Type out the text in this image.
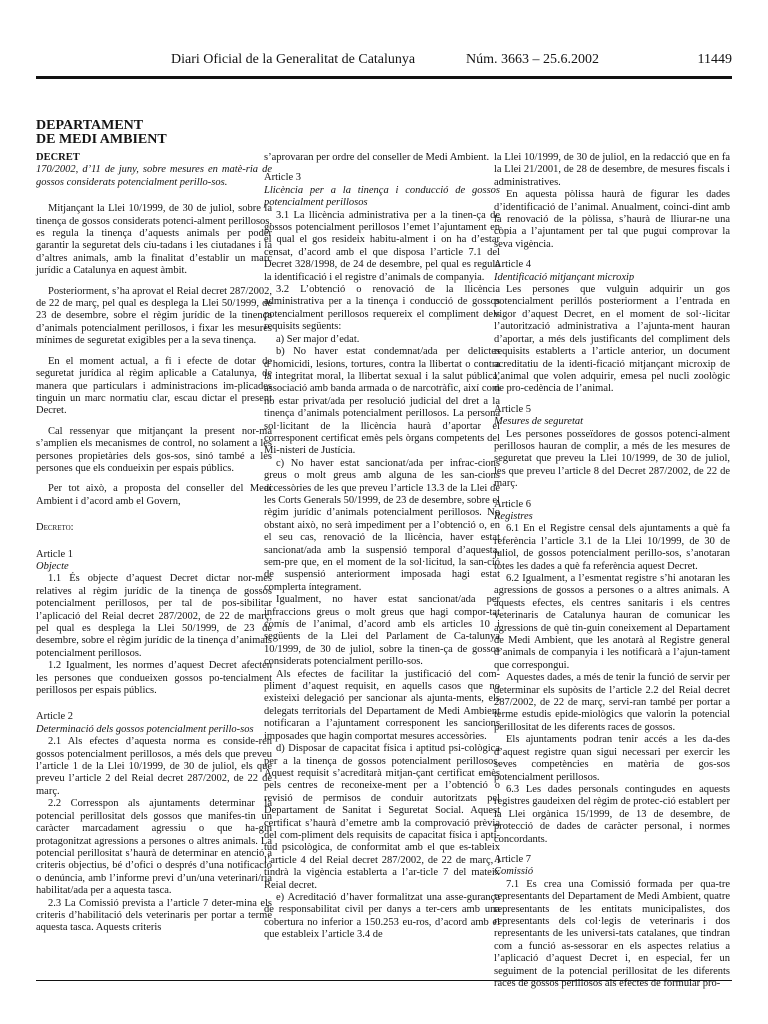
Diari Oficial de la Generalitat de Catalunya	Núm. 3663 – 25.6.2002	11449
DEPARTAMENT
DE MEDI AMBIENT

DECRET

170/2002, d’11 de juny, sobre mesures en matè-ria de gossos considerats potencialment perillo-sos.

Mitjançant la Llei 10/1999, de 30 de juliol, sobre la tinença de gossos considerats potenci-alment perillosos, es regula la tinença d’aquests animals per poder garantir la seguretat dels ciu-tadans i les ciutadanes i la d’altres animals, amb la finalitat d’establir un marc jurídic a Catalunya en aquest àmbit.

Posteriorment, s’ha aprovat el Reial decret 287/2002, de 22 de març, pel qual es desplega la Llei 50/1999, de 23 de desembre, sobre el règim jurídic de la tinença d’animals potencialment perillosos, i fixar les mesures mínimes de seguretat exigibles per a la seva tinença.

En el moment actual, a fi i efecte de dotar de seguretat jurídica al règim aplicable a Catalunya, de manera que particulars i administracions im-plicades tinguin un marc normatiu clar, escau dictar el present Decret.

Cal ressenyar que mitjançant la present nor-ma s’amplien els mecanismes de control, no solament a les persones propietàries dels gos-sos, sinó també a les persones que els condueixin per espais públics.

Per tot això, a proposta del conseller del Medi Ambient i d’acord amb el Govern,

Decreto:

Article 1

Objecte

1.1 És objecte d’aquest Decret dictar nor-mes relatives al règim jurídic de la tinença de gossos potencialment perillosos, per tal de pos-sibilitar l’aplicació del Reial decret 287/2002, de 22 de març, pel qual es desplega la Llei 50/1999, de 23 de desembre, sobre el règim jurídic de la tinença d’animals potencialment perillosos.

1.2 Igualment, les normes d’aquest Decret afecten les persones que condueixen gossos po-tencialment perillosos per espais públics.

Article 2

Determinació dels gossos potencialment perillo-sos

2.1 Als efectes d’aquesta norma es conside-ren gossos potencialment perillosos, a més dels que preveu l’article 1 de la Llei 10/1999, de 30 de juliol, els que preveu l’article 2 del Reial decret 287/2002, de 22 de març.

2.2 Corresspon als ajuntaments determinar la potencial perillositat dels gossos que manifes-tin un caràcter marcadament agressiu o que ha-gin protagonitzat agressions a persones o altres animals. La potencial perillositat s’haurà de determinar en atenció a criteris objectius, bé d’ofici o després d’una notificació o denúncia, amb l’informe previ d’un/una veterinari/ria habilitat/ada per a aquesta tasca.

2.3 La Comissió prevista a l’article 7 deter-mina els criteris d’habilitació dels veterinaris per portar a terme aquesta tasca. Aquests criteris

s’aprovaran per ordre del conseller de Medi Ambient.

Article 3

Llicència per a la tinença i conducció de gossos potencialment perillosos

3.1 La llicència administrativa per a la tinen-ça de gossos potencialment perillosos l’emet l’ajuntament en el qual el gos resideix habitu-alment i on ha d’estar censat, d’acord amb el que disposa l’article 7.1 del Decret 328/1998, de 24 de desembre, pel qual es regula la identificació i el registre d’animals de companyia.

3.2 L’obtenció o renovació de la llicència administrativa per a la tinença i conducció de gossos potencialment perillosos requereix el compliment dels requisits següents:

a) Ser major d’edat.

b) No haver estat condemnat/ada per delictes d’homicidi, lesions, tortures, contra la llibertat o contra la integritat moral, la llibertat sexual i la salut pública, associació amb banda armada o de narcotràfic, així com no estar privat/ada per resolució judicial del dret a la tinença d’animals potencialment perillosos. La persona sol·licitant de la llicència haurà d’aportar el corresponent certificat emès pels òrgans competents del Mi-nisteri de Justícia.

c) No haver estat sancionat/ada per infrac-cions greus o molt greus amb alguna de les san-cions accessòries de les que preveu l’article 13.3 de la Llei de les Corts Generals 50/1999, de 23 de desembre, sobre el règim jurídic d’animals potencialment perillosos. No obstant això, no serà impediment per a l’obtenció o, en el seu cas, renovació de la llicència, haver estat sancionat/ada amb la suspensió temporal d’aquesta, sem-pre que, en el moment de la sol·licitud, la san-ció de suspensió anteriorment imposada hagi estat complerta íntegrament.

Igualment, no haver estat sancionat/ada per infraccions greus o molt greus que hagi compor-tat comís de l’animal, d’acord amb els articles 10 i següents de la Llei del Parlament de Ca-talunya 10/1999, de 30 de juliol, sobre la tinen-ça de gossos considerats potencialment perillo-sos.

Als efectes de facilitar la justificació del com-pliment d’aquest requisit, en aquells casos que no existeixi delegació per sancionar als ajunta-ments, els delegats territorials del Departament de Medi Ambient notificaran a l’ajuntament corresponent les sancions imposades que hagin comportat mesures accessòries.

d) Disposar de capacitat física i aptitud psi-cològica per a la tinença de gossos potencialment perillosos. Aquest requisit s’acreditarà mitjan-çant certificat emès pels centres de reconeixe-ment per a l’obtenció o revisió de permisos de conduir autoritzats pel Departament de Sanitat i Seguretat Social. Aquest certificat s’haurà d’emetre amb la comprovació prèvia del com-pliment dels requisits de capacitat física i apti-tud psicològica, de conformitat amb el que es-tableix l’article 4 del Reial decret 287/2002, de 22 de març, i tindrà la vigència establerta a l’ar-ticle 7 del mateix Reial decret.

e) Acreditació d’haver formalitzat una asse-gurança de responsabilitat civil per danys a ter-cers amb una cobertura no inferior a 150.253 eu-ros, d’acord amb el que estableix l’article 3.4 de

la Llei 10/1999, de 30 de juliol, en la redacció que en fa la Llei 21/2001, de 28 de desembre, de mesures fiscals i administratives.

En aquesta pòlissa haurà de figurar les dades d’identificació de l’animal. Anualment, coinci-dint amb la renovació de la pòlissa, s’haurà de lliurar-ne una còpia a l’ajuntament per tal que pugui comprovar la seva vigència.

Article 4

Identificació mitjançant microxip

Les persones que vulguin adquirir un gos potencialment perillós posteriorment a l’entrada en vigor d’aquest Decret, en el moment de sol·-licitar l’autorització administrativa a l’ajunta-ment hauran d’aportar, a més dels justificants del compliment dels requisits establerts a l’article anterior, un document acreditatiu de la identi-ficació mitjançant microxip de l’animal que volen adquirir, emesa pel nucli zoològic de pro-cedència de l’animal.

Article 5

Mesures de seguretat

Les persones posseïdores de gossos potenci-alment perillosos hauran de complir, a més de les mesures de seguretat que preveu la Llei 10/1999, de 30 de juliol, les que preveu l’article 8 del Decret 287/2002, de 22 de març.

Article 6

Registres

6.1 En el Registre censal dels ajuntaments a què fa referència l’article 3.1 de la Llei 10/1999, de 30 de juliol, de gossos potencialment perillo-sos, s’anotaran totes les dades a què fa referència aquest Decret.

6.2 Igualment, a l’esmentat registre s’hi anotaran les agressions de gossos a persones o a altres animals. A aquests efectes, els centres sanitaris i els centres veterinaris de Catalunya hauran de comunicar les agressions de què tin-guin coneixement al Departament de Medi Ambient, que les anotarà al Registre general d’animals de companyia i les notificarà a l’ajun-tament que correspongui.

Aquestes dades, a més de tenir la funció de servir per determinar els supòsits de l’article 2.2 del Reial decret 287/2002, de 22 de març, servi-ran també per portar a terme estudis epide-miològics que valorin la potencial perillositat de les diferents races de gossos.

Els ajuntaments podran tenir accés a les da-des d’aquest registre quan sigui necessari per exercir les seves competències en matèria de gos-sos potencialment perillosos.

6.3 Les dades personals contingudes en aquests registres gaudeixen del règim de protec-ció establert per la Llei orgànica 15/1999, de 13 de desembre, de protecció de dades de caràcter personal, i normes concordants.

Article 7

Comissió

7.1 Es crea una Comissió formada per qua-tre representants del Departament de Medi Ambient, quatre representants de les entitats municipalistes, dos representants dels col·legis de veterinaris i dos representants de les universi-tats catalanes, que tindran com a funció as-sessorar en els aspectes relatius a l’aplicació d’aquest Decret i, en especial, fer un seguiment de la potencial perillositat de les diferents races de gossos perillosos als efectes de formular pro-
